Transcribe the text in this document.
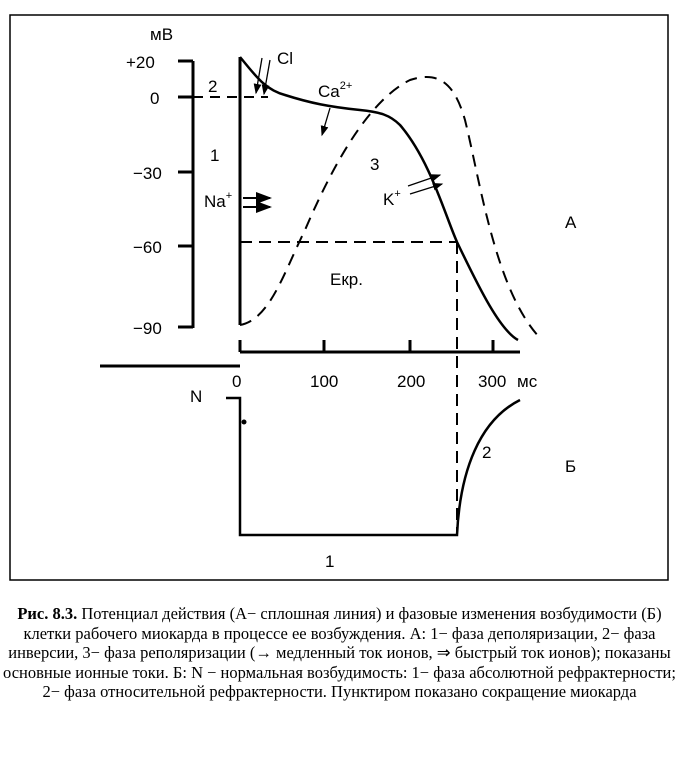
мВ
+20
0
−30
−60
−90
0	100	200	300 мс
2
1	3
Cl
$Ca^{2+}$
Na+	K+
Eкр.
А
Б
N
1
2
Рис. 8.3. Потенциал действия (А− сплошная линия) и фазовые изменения возбудимости (Б) клетки рабочего миокарда в процессе ее возбуждения. А: 1− фаза деполяризации, 2− фаза инверсии, 3− фаза реполяризации (→ медленный ток ионов, ⇒ быстрый ток ионов); показаны основные ионные токи. Б: N − нормальная возбудимость: 1− фаза абсолютной рефрактерности; 2− фаза относительной рефрактерности. Пунктиром показано сокращение миокарда
